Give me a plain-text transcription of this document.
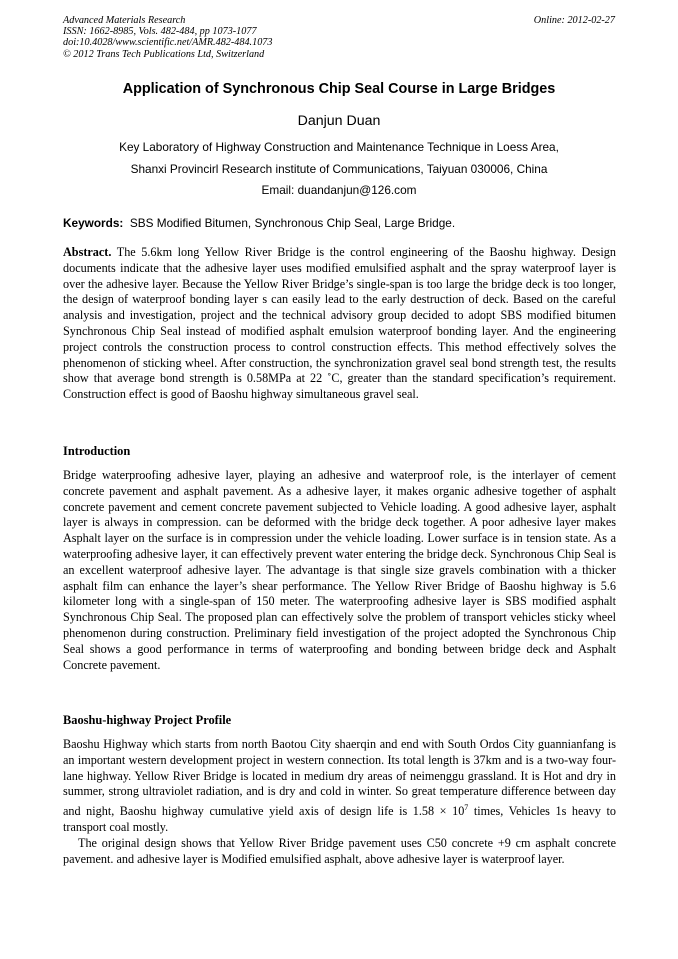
Advanced Materials Research
ISSN: 1662-8985, Vols. 482-484, pp 1073-1077
doi:10.4028/www.scientific.net/AMR.482-484.1073
© 2012 Trans Tech Publications Ltd, Switzerland
Online: 2012-02-27
Application of Synchronous Chip Seal Course in Large Bridges
Danjun Duan
Key Laboratory of Highway Construction and Maintenance Technique in Loess Area,
Shanxi Provincirl Research institute of Communications, Taiyuan 030006, China
Email: duandanjun@126.com
Keywords: SBS Modified Bitumen, Synchronous Chip Seal, Large Bridge.
Abstract. The 5.6km long Yellow River Bridge is the control engineering of the Baoshu highway. Design documents indicate that the adhesive layer uses modified emulsified asphalt and the spray waterproof layer is over the adhesive layer. Because the Yellow River Bridge’s single-span is too large the bridge deck is too longer, the design of waterproof bonding layer s can easily lead to the early destruction of deck. Based on the careful analysis and investigation, project and the technical advisory group decided to adopt SBS modified bitumen Synchronous Chip Seal instead of modified asphalt emulsion waterproof bonding layer. And the engineering project controls the construction process to control construction effects. This method effectively solves the phenomenon of sticking wheel. After construction, the synchronization gravel seal bond strength test, the results show that average bond strength is 0.58MPa at 22 ˚C, greater than the standard specification’s requirement. Construction effect is good of Baoshu highway simultaneous gravel seal.
Introduction
Bridge waterproofing adhesive layer, playing an adhesive and waterproof role, is the interlayer of cement concrete pavement and asphalt pavement. As a adhesive layer, it makes organic adhesive together of asphalt concrete pavement and cement concrete pavement subjected to Vehicle loading. A good adhesive layer, asphalt layer is always in compression. can be deformed with the bridge deck together. A poor adhesive layer makes Asphalt layer on the surface is in compression under the vehicle loading. Lower surface is in tension state. As a waterproofing adhesive layer, it can effectively prevent water entering the bridge deck. Synchronous Chip Seal is an excellent waterproof adhesive layer. The advantage is that single size gravels combination with a thicker asphalt film can enhance the layer’s shear performance. The Yellow River Bridge of Baoshu highway is 5.6 kilometer long with a single-span of 150 meter. The waterproofing adhesive layer is SBS modified asphalt Synchronous Chip Seal. The proposed plan can effectively solve the problem of transport vehicles sticky wheel phenomenon during construction. Preliminary field investigation of the project adopted the Synchronous Chip Seal shows a good performance in terms of waterproofing and bonding between bridge deck and Asphalt Concrete pavement.
Baoshu-highway Project Profile
Baoshu Highway which starts from north Baotou City shaerqin and end with South Ordos City guannianfang is an important western development project in western connection. Its total length is 37km and is a two-way four-lane highway. Yellow River Bridge is located in medium dry areas of neimenggu grassland. It is Hot and dry in summer, strong ultraviolet radiation, and is dry and cold in winter. So great temperature difference between day and night, Baoshu highway cumulative yield axis of design life is $1.58 \times 10^7$ times, Vehicles 1s heavy to transport coal mostly.
The original design shows that Yellow River Bridge pavement uses C50 concrete +9 cm asphalt concrete pavement. and adhesive layer is Modified emulsified asphalt, above adhesive layer is waterproof layer.
